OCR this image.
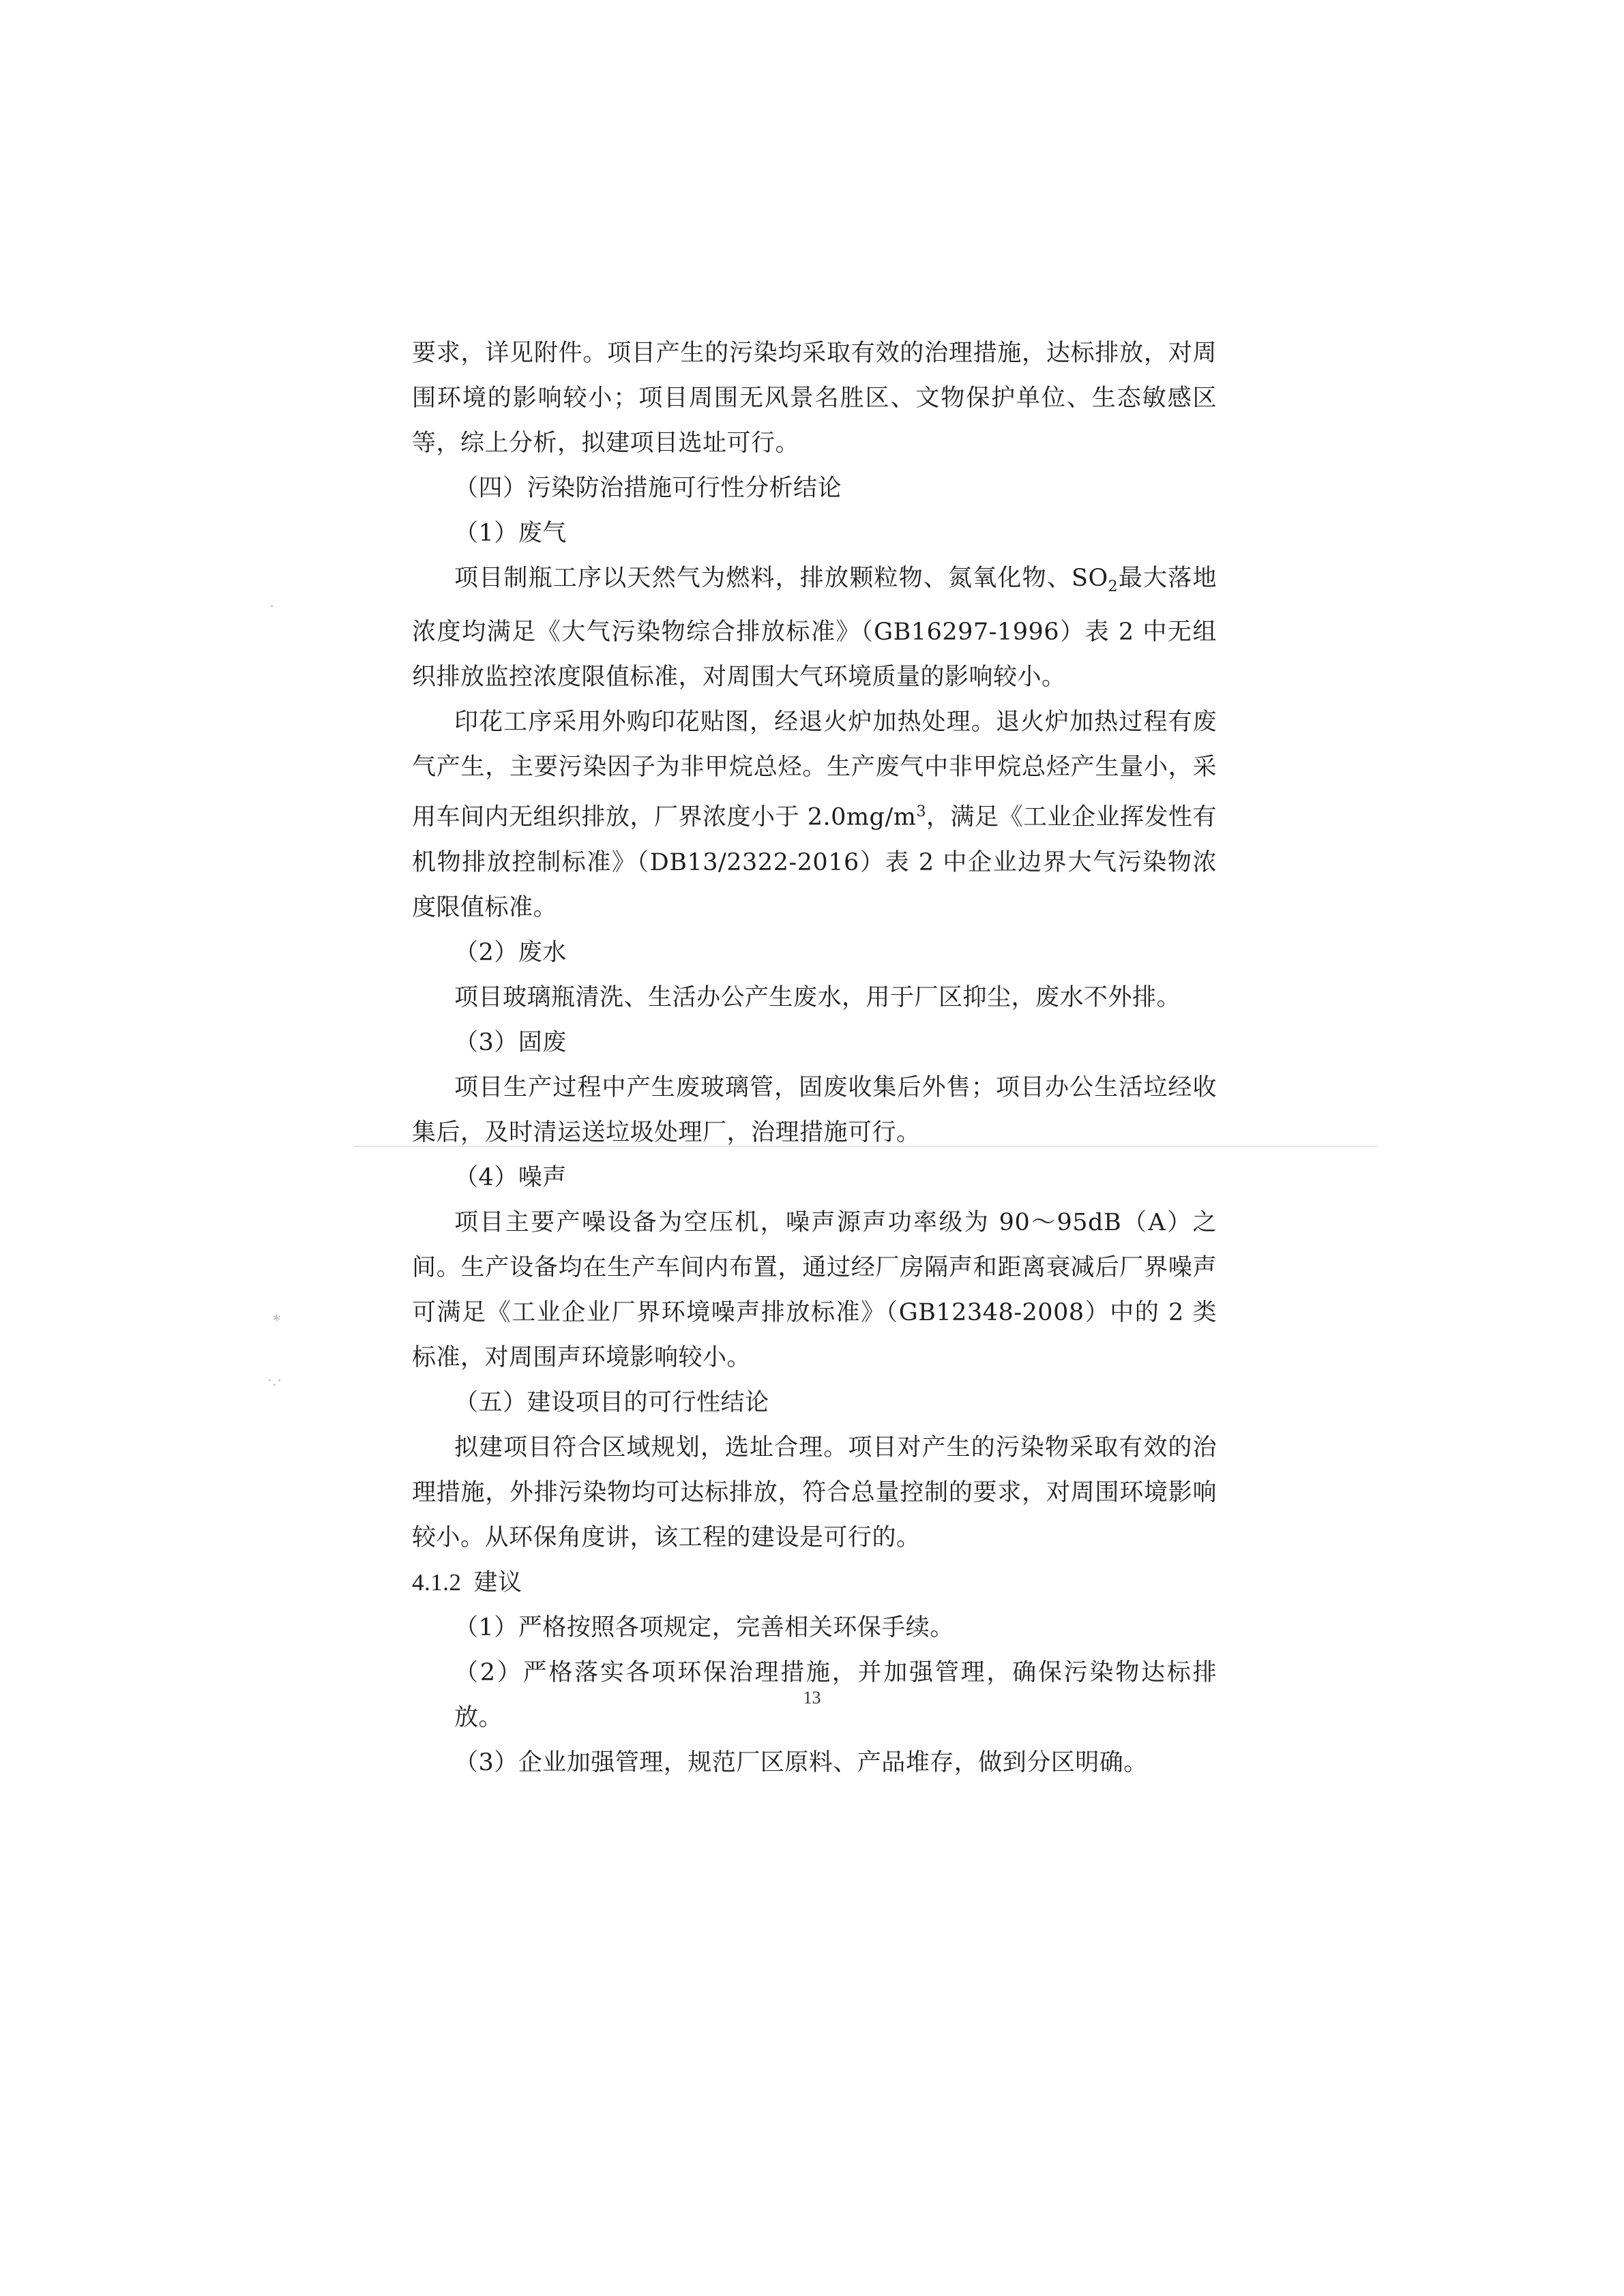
·
⁎
·.·

要求，详见附件。项目产生的污染均采取有效的治理措施，达标排放，对周围环境的影响较小；项目周围无风景名胜区、文物保护单位、生态敏感区等，综上分析，拟建项目选址可行。

（四）污染防治措施可行性分析结论

（1）废气

项目制瓶工序以天然气为燃料，排放颗粒物、氮氧化物、$SO_2$最大落地浓度均满足《大气污染物综合排放标准》（GB16297-1996）表 2 中无组织排放监控浓度限值标准，对周围大气环境质量的影响较小。

印花工序采用外购印花贴图，经退火炉加热处理。退火炉加热过程有废气产生，主要污染因子为非甲烷总烃。生产废气中非甲烷总烃产生量小，采用车间内无组织排放，厂界浓度小于 $2.0mg/m^3$，满足《工业企业挥发性有机物排放控制标准》（DB13/2322-2016）表 2 中企业边界大气污染物浓度限值标准。

（2）废水

项目玻璃瓶清洗、生活办公产生废水，用于厂区抑尘，废水不外排。

（3）固废

项目生产过程中产生废玻璃管，固废收集后外售；项目办公生活垃经收集后，及时清运送垃圾处理厂，治理措施可行。

（4）噪声

项目主要产噪设备为空压机，噪声源声功率级为 90～95dB（A）之间。生产设备均在生产车间内布置，通过经厂房隔声和距离衰减后厂界噪声可满足《工业企业厂界环境噪声排放标准》（GB12348-2008）中的 2 类标准，对周围声环境影响较小。

（五）建设项目的可行性结论

拟建项目符合区域规划，选址合理。项目对产生的污染物采取有效的治理措施，外排污染物均可达标排放，符合总量控制的要求，对周围环境影响较小。从环保角度讲，该工程的建设是可行的。

4.1.2 建议

（1）严格按照各项规定，完善相关环保手续。

（2）严格落实各项环保治理措施，并加强管理，确保污染物达标排放。

（3）企业加强管理，规范厂区原料、产品堆存，做到分区明确。

13
